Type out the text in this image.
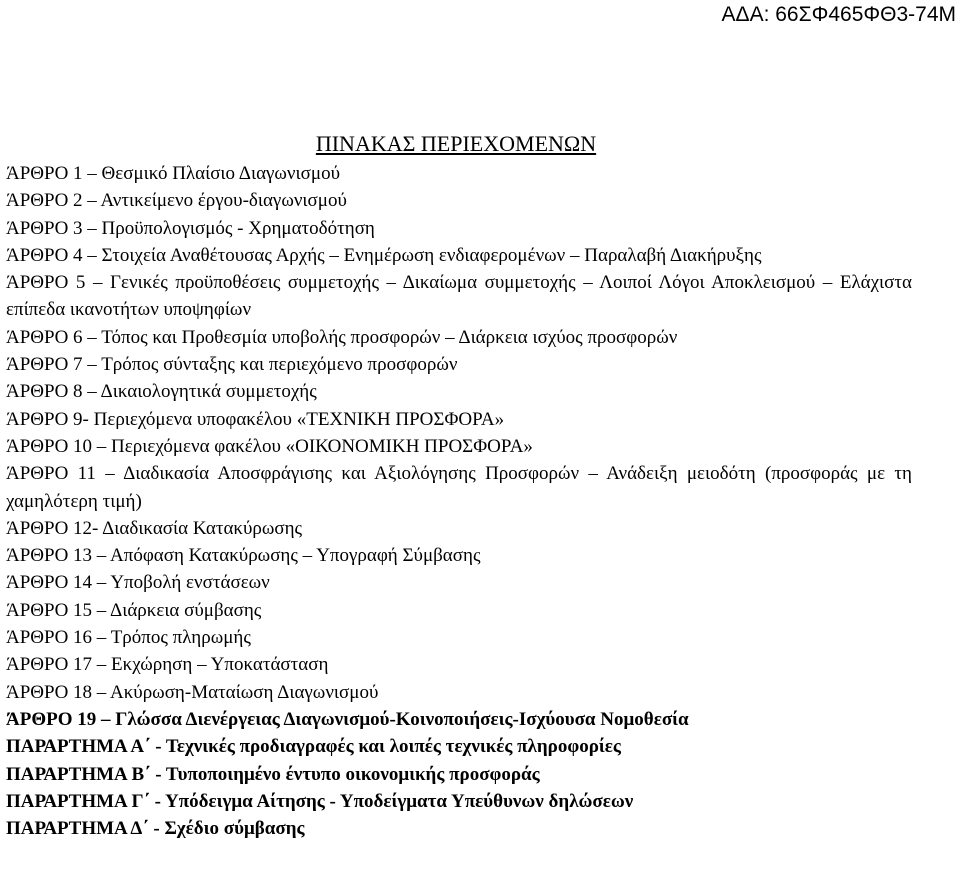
ΑΔΑ: 66ΣΦ465ΦΘ3-74Μ
ΠΙΝΑΚΑΣ ΠΕΡΙΕΧΟΜΕΝΩΝ
ΆΡΘΡΟ 1 – Θεσμικό Πλαίσιο Διαγωνισμού
ΆΡΘΡΟ 2 – Αντικείμενο έργου-διαγωνισμού
ΆΡΘΡΟ 3 – Προϋπολογισμός - Χρηματοδότηση
ΆΡΘΡΟ 4 – Στοιχεία Αναθέτουσας Αρχής – Ενημέρωση ενδιαφερομένων – Παραλαβή Διακήρυξης
ΆΡΘΡΟ 5 – Γενικές προϋποθέσεις συμμετοχής – Δικαίωμα συμμετοχής – Λοιποί Λόγοι Αποκλεισμού – Ελάχιστα επίπεδα ικανοτήτων υποψηφίων
ΆΡΘΡΟ 6 – Τόπος και Προθεσμία υποβολής προσφορών – Διάρκεια ισχύος προσφορών
ΆΡΘΡΟ 7 – Τρόπος σύνταξης και περιεχόμενο προσφορών
ΆΡΘΡΟ 8 – Δικαιολογητικά συμμετοχής
ΆΡΘΡΟ 9- Περιεχόμενα υποφακέλου «ΤΕΧΝΙΚΗ ΠΡΟΣΦΟΡΑ»
ΆΡΘΡΟ 10 – Περιεχόμενα φακέλου «ΟΙΚΟΝΟΜΙΚΗ ΠΡΟΣΦΟΡΑ»
ΆΡΘΡΟ 11 – Διαδικασία Αποσφράγισης και Αξιολόγησης Προσφορών – Ανάδειξη μειοδότη (προσφοράς με τη χαμηλότερη τιμή)
ΆΡΘΡΟ 12- Διαδικασία Κατακύρωσης
ΆΡΘΡΟ 13 – Απόφαση Κατακύρωσης – Υπογραφή Σύμβασης
ΆΡΘΡΟ 14 – Υποβολή ενστάσεων
ΆΡΘΡΟ 15 – Διάρκεια σύμβασης
ΆΡΘΡΟ 16 – Τρόπος πληρωμής
ΆΡΘΡΟ 17 – Εκχώρηση – Υποκατάσταση
ΆΡΘΡΟ 18 – Ακύρωση-Ματαίωση Διαγωνισμού
ΆΡΘΡΟ 19 – Γλώσσα Διενέργειας Διαγωνισμού-Κοινοποιήσεις-Ισχύουσα Νομοθεσία
ΠΑΡΑΡΤΗΜΑ Α΄ - Τεχνικές προδιαγραφές και λοιπές τεχνικές πληροφορίες
ΠΑΡΑΡΤΗΜΑ Β΄ - Τυποποιημένο έντυπο οικονομικής προσφοράς
ΠΑΡΑΡΤΗΜΑ Γ΄ - Υπόδειγμα Αίτησης - Υποδείγματα Υπεύθυνων δηλώσεων
ΠΑΡΑΡΤΗΜΑ Δ΄ - Σχέδιο σύμβασης
